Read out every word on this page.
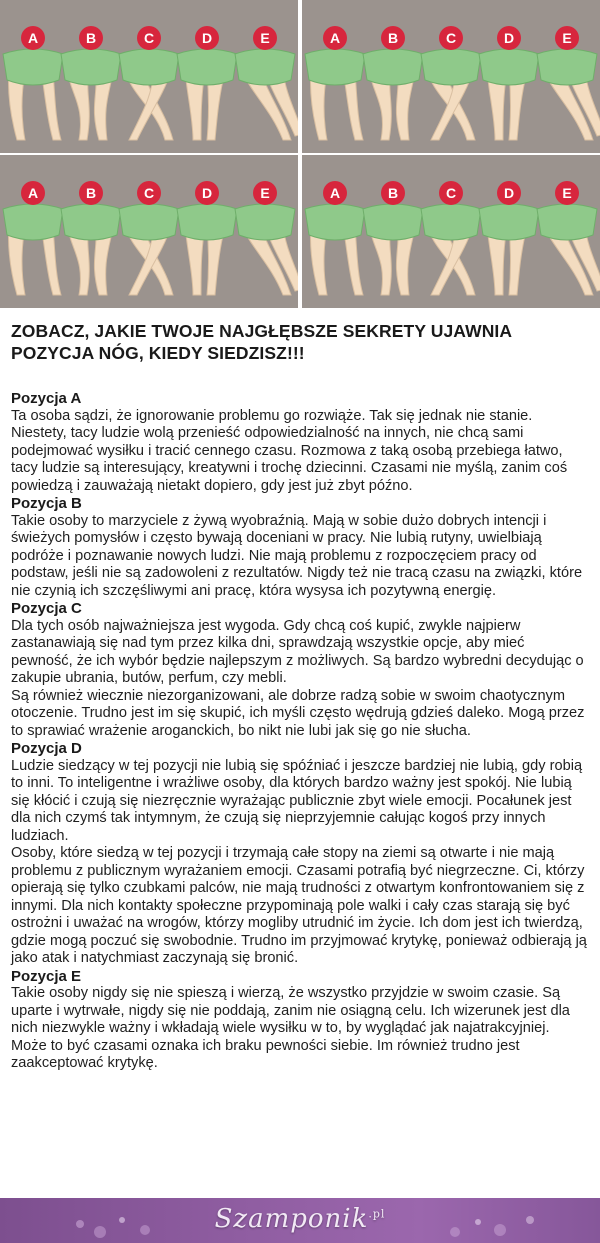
A	B	C	D	E	A	B	C	D	E
A	B	C	D	E	A	B	C	D	E
ZOBACZ, JAKIE TWOJE NAJGŁĘBSZE SEKRETY UJAWNIA POZYCJA NÓG, KIEDY SIEDZISZ!!!
Pozycja A

Ta osoba sądzi, że ignorowanie problemu go rozwiąże. Tak się jednak nie stanie. Niestety, tacy ludzie wolą przenieść odpowiedzialność na innych, nie chcą sami podejmować wysiłku i tracić cennego czasu. Rozmowa z taką osobą przebiega łatwo, tacy ludzie są interesujący, kreatywni i trochę dziecinni. Czasami nie myślą, zanim coś powiedzą i zauważają nietakt dopiero, gdy jest już zbyt późno.

Pozycja B

Takie osoby to marzyciele z żywą wyobraźnią. Mają w sobie dużo dobrych intencji i świeżych pomysłów i często bywają doceniani w pracy. Nie lubią rutyny, uwielbiają podróże i poznawanie nowych ludzi. Nie mają problemu z rozpoczęciem pracy od podstaw, jeśli nie są zadowoleni z rezultatów. Nigdy też nie tracą czasu na związki, które nie czynią ich szczęśliwymi ani pracę, która wysysa ich pozytywną energię.

Pozycja C

Dla tych osób najważniejsza jest wygoda. Gdy chcą coś kupić, zwykle najpierw zastanawiają się nad tym przez kilka dni, sprawdzają wszystkie opcje, aby mieć pewność, że ich wybór będzie najlepszym z możliwych. Są bardzo wybredni decydując o zakupie ubrania, butów, perfum, czy mebli.

Są również wiecznie niezorganizowani, ale dobrze radzą sobie w swoim chaotycznym otoczenie. Trudno jest im się skupić, ich myśli często wędrują gdzieś daleko. Mogą przez to sprawiać wrażenie aroganckich, bo nikt nie lubi jak się go nie słucha.

Pozycja D

Ludzie siedzący w tej pozycji nie lubią się spóźniać i jeszcze bardziej nie lubią, gdy robią to inni. To inteligentne i wrażliwe osoby, dla których bardzo ważny jest spokój. Nie lubią się kłócić i czują się niezręcznie wyrażając publicznie zbyt wiele emocji. Pocałunek jest dla nich czymś tak intymnym, że czują się nieprzyjemnie całując kogoś przy innych ludziach.

Osoby, które siedzą w tej pozycji i trzymają całe stopy na ziemi są otwarte i nie mają problemu z publicznym wyrażaniem emocji. Czasami potrafią być niegrzeczne. Ci, którzy opierają się tylko czubkami palców, nie mają trudności z otwartym konfrontowaniem się z innymi. Dla nich kontakty społeczne przypominają pole walki i cały czas starają się być ostrożni i uważać na wrogów, którzy mogliby utrudnić im życie. Ich dom jest ich twierdzą, gdzie mogą poczuć się swobodnie. Trudno im przyjmować krytykę, ponieważ odbierają ją jako atak i natychmiast zaczynają się bronić.

Pozycja E

Takie osoby nigdy się nie spieszą i wierzą, że wszystko przyjdzie w swoim czasie. Są uparte i wytrwałe, nigdy się nie poddają, zanim nie osiągną celu. Ich wizerunek jest dla nich niezwykle ważny i wkładają wiele wysiłku w to, by wyglądać jak najatrakcyjniej. Może to być czasami oznaka ich braku pewności siebie. Im również trudno jest zaakceptować krytykę.

Szamponik$^{.pl}$
